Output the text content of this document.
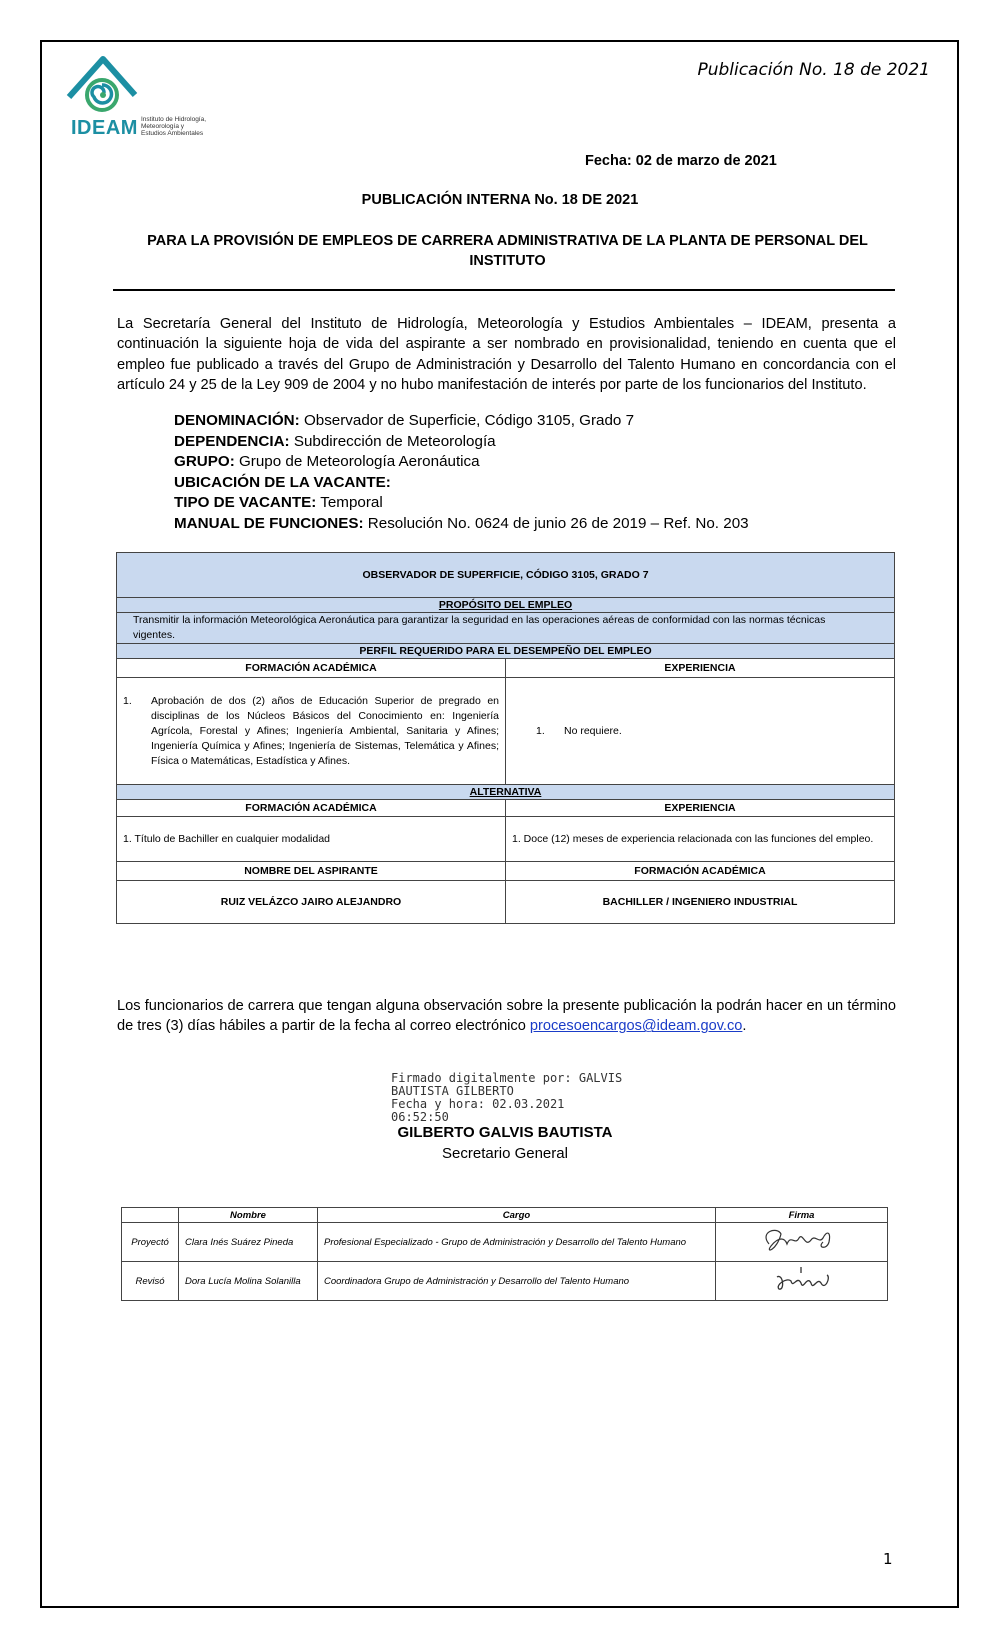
Publicación No. 18 de 2021
IDEAM Instituto de Hidrología,
Meteorología y
Estudios Ambientales
Fecha: 02 de marzo de 2021
PUBLICACIÓN INTERNA No. 18 DE 2021
PARA LA PROVISIÓN DE EMPLEOS DE CARRERA ADMINISTRATIVA DE LA PLANTA DE PERSONAL DEL INSTITUTO
La Secretaría General del Instituto de Hidrología, Meteorología y Estudios Ambientales – IDEAM, presenta a continuación la siguiente hoja de vida del aspirante a ser nombrado en provisionalidad, teniendo en cuenta que el empleo fue publicado a través del Grupo de Administración y Desarrollo del Talento Humano en concordancia con el artículo 24 y 25 de la Ley 909 de 2004 y no hubo manifestación de interés por parte de los funcionarios del Instituto.
DENOMINACIÓN: Observador de Superficie, Código 3105, Grado 7
DEPENDENCIA: Subdirección de Meteorología
GRUPO: Grupo de Meteorología Aeronáutica
UBICACIÓN DE LA VACANTE:
TIPO DE VACANTE: Temporal
MANUAL DE FUNCIONES: Resolución No. 0624 de junio 26 de 2019 – Ref. No. 203
OBSERVADOR DE SUPERFICIE, CÓDIGO 3105, GRADO 7	
PROPÓSITO DEL EMPLEO	
Transmitir la información Meteorológica Aeronáutica para garantizar la seguridad en las operaciones aéreas de conformidad con las normas técnicas vigentes.	
PERFIL REQUERIDO PARA EL DESEMPEÑO DEL EMPLEO	
FORMACIÓN ACADÉMICA	EXPERIENCIA

1. Aprobación de dos (2) años de Educación Superior de pregrado en disciplinas de los Núcleos Básicos del Conocimiento en: Ingeniería Agrícola, Forestal y Afines; Ingeniería Ambiental, Sanitaria y Afines; Ingeniería Química y Afines; Ingeniería de Sistemas, Telemática y Afines; Física o Matemáticas, Estadística y Afines.	1. No requiere.
ALTERNATIVA	
FORMACIÓN ACADÉMICA	EXPERIENCIA
1. Título de Bachiller en cualquier modalidad	1. Doce (12) meses de experiencia relacionada con las funciones del empleo.
NOMBRE DEL ASPIRANTE	FORMACIÓN ACADÉMICA
RUIZ VELÁZCO JAIRO ALEJANDRO	BACHILLER / INGENIERO INDUSTRIAL
Los funcionarios de carrera que tengan alguna observación sobre la presente publicación la podrán hacer en un término de tres (3) días hábiles a partir de la fecha al correo electrónico procesoencargos@ideam.gov.co.
Firmado digitalmente por: GALVIS
BAUTISTA GILBERTO
Fecha y hora: 02.03.2021
06:52:50
GILBERTO GALVIS BAUTISTA
Secretario General
	Nombre	Cargo	Firma
Proyectó	Clara Inés Suárez Pineda	Profesional Especializado - Grupo de Administración y Desarrollo del Talento Humano	
Revisó	Dora Lucía Molina Solanilla	Coordinadora Grupo de Administración y Desarrollo del Talento Humano	
1
